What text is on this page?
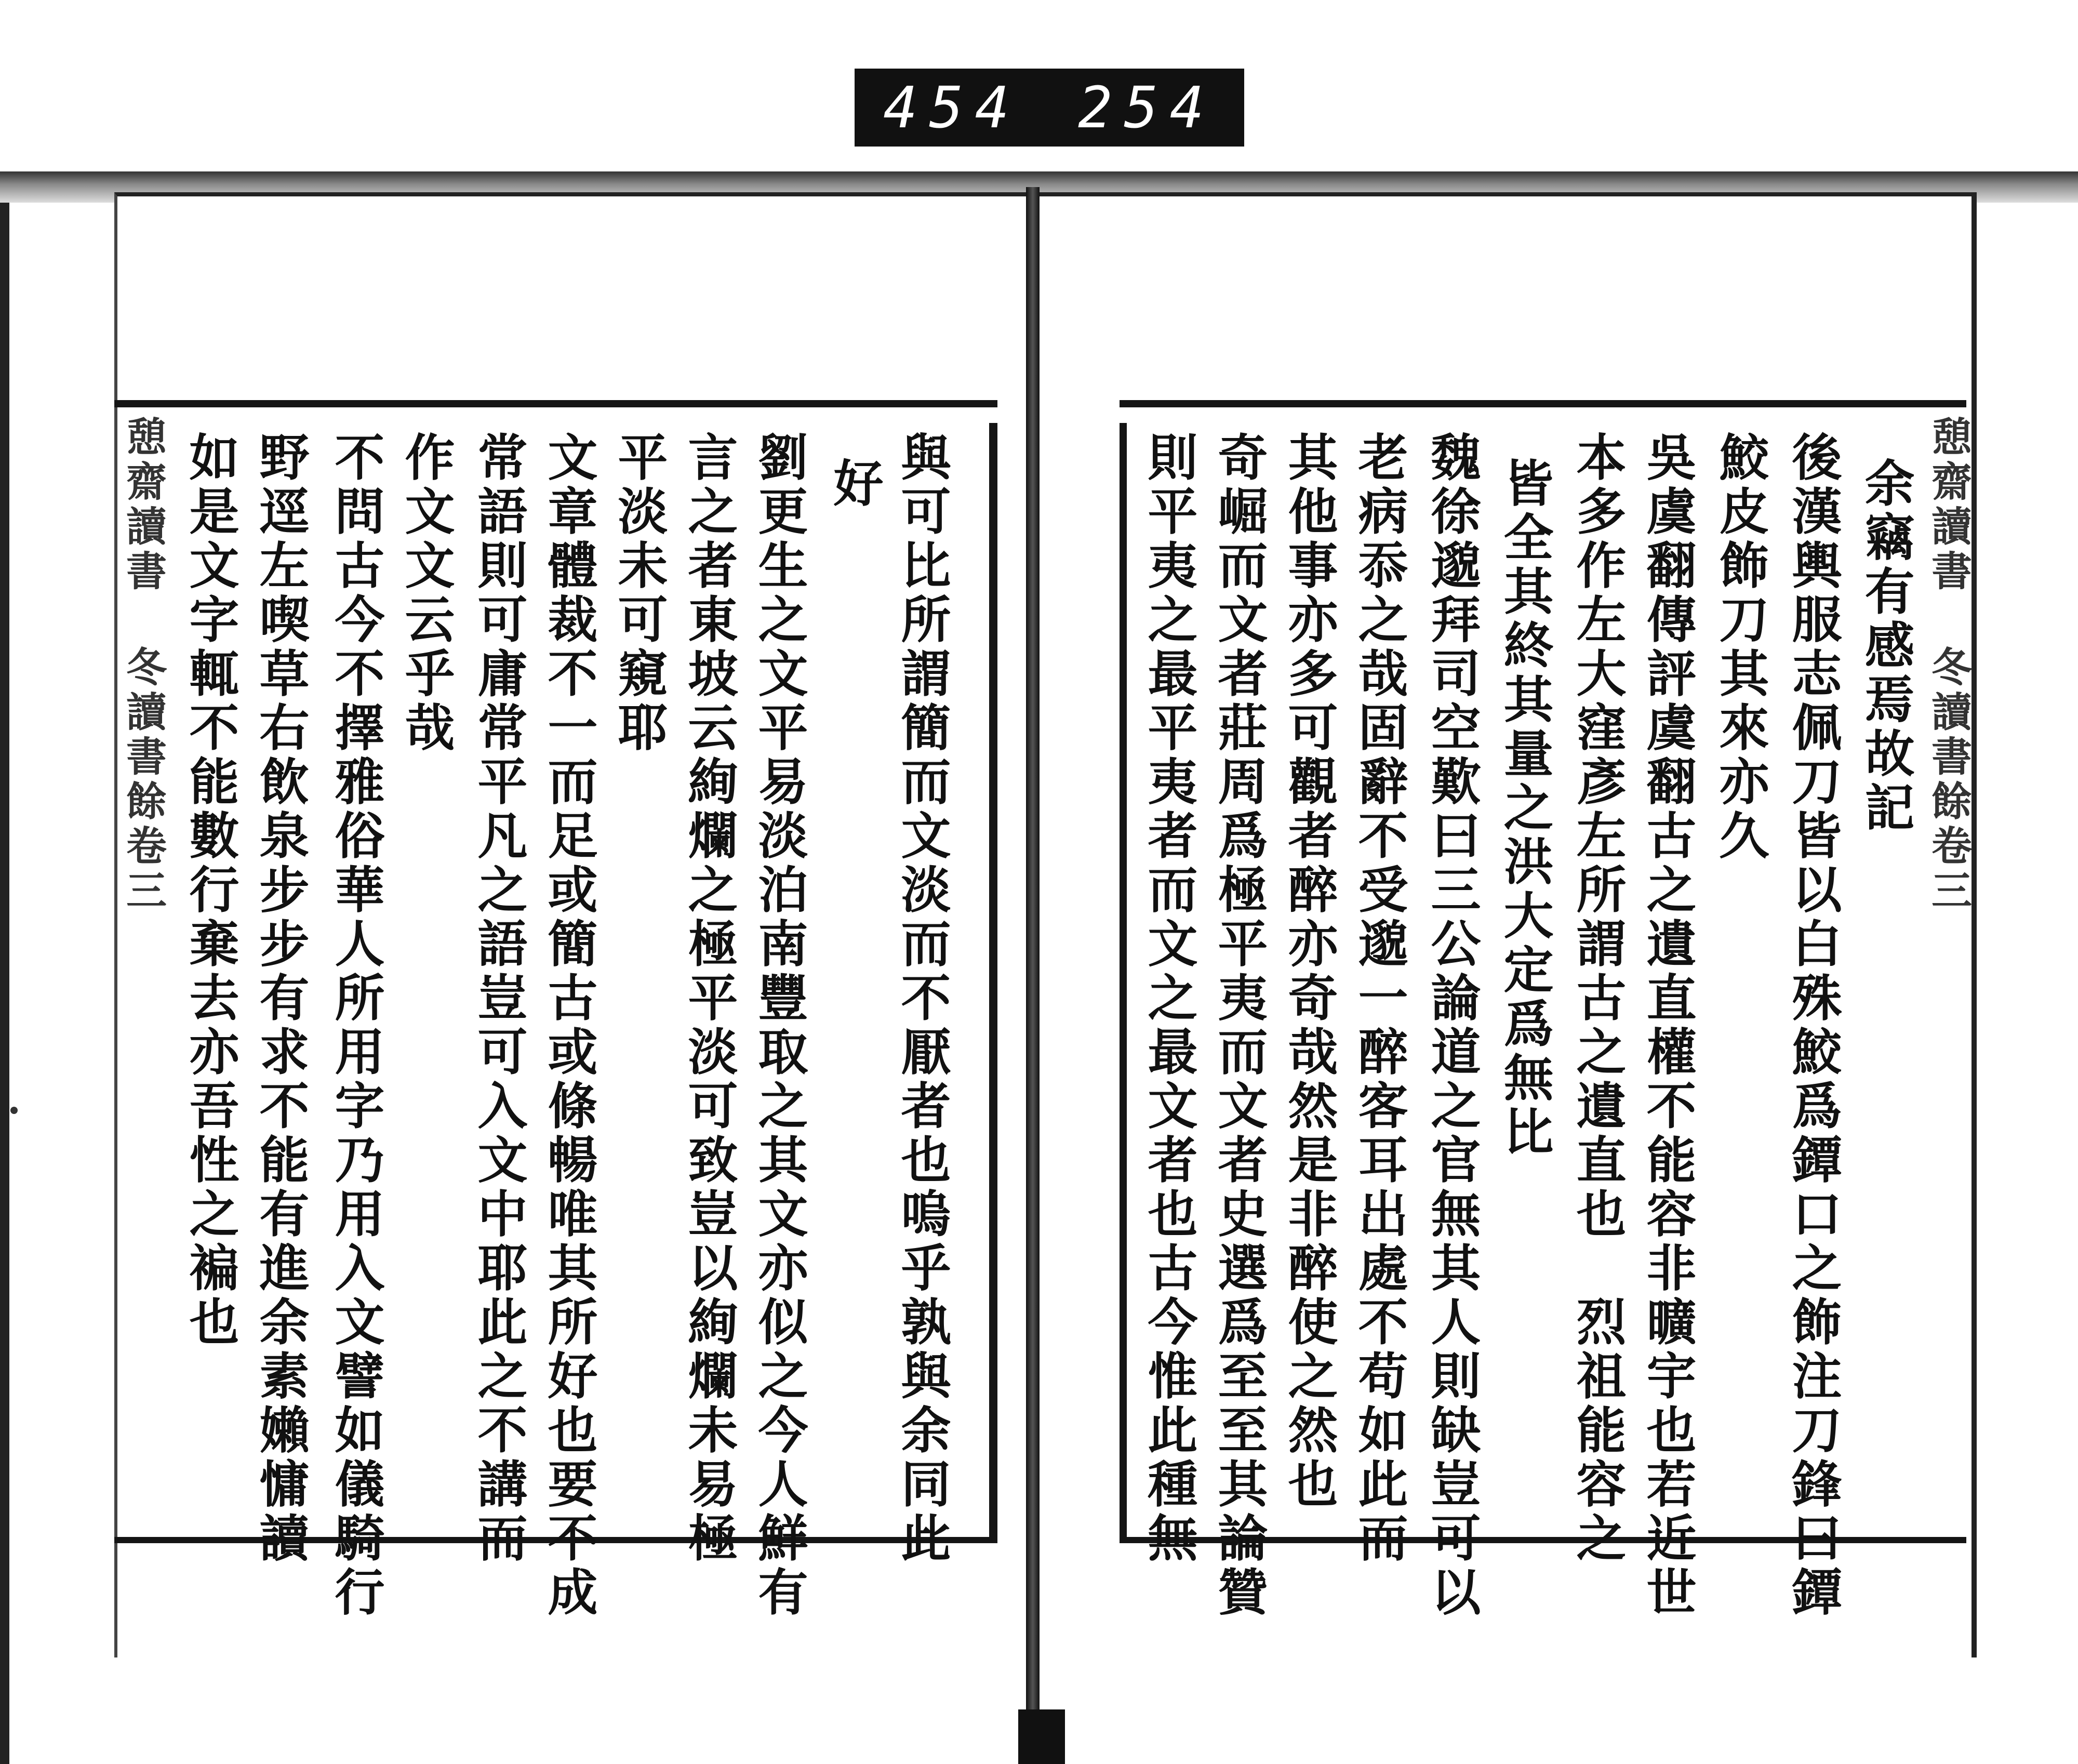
454 254
與可比所謂簡而文淡而不厭者也嗚乎孰與余同此
好
劉更生之文平易淡泊南豐取之其文亦似之今人鮮有
言之者東坡云絢爛之極平淡可致豈以絢爛未易極
平淡未可窺耶
文章體裁不一而足或簡古或條暢唯其所好也要不成
常語則可庸常平凡之語豈可入文中耶此之不講而
作文文云乎哉
不問古今不擇雅俗華人所用字乃用入文譬如儀騎行
野逕左喫草右飲泉步步有求不能有進余素嬾慵讀
如是文字輒不能數行棄去亦吾性之褊也
憩齋讀書 冬讀書餘卷三	余竊有感焉故記
後漢輿服志佩刀皆以白殊鮫爲鐔口之飾注刀鋒曰鐔
鮫皮飾刀其來亦久
吳虞翻傳評虞翻古之遺直權不能容非曠宇也若近世
本多作左大窪彥左所謂古之遺直也　烈祖能容之
皆全其終其量之洪大定爲無比
魏徐邈拜司空歎曰三公論道之官無其人則缺豈可以
老病忝之哉固辭不受邈一醉客耳出處不苟如此而
其他事亦多可觀者醉亦奇哉然是非醉使之然也
奇崛而文者莊周爲極平夷而文者史選爲至至其論贊
則平夷之最平夷者而文之最文者也古今惟此種無	憩齋讀書 冬讀書餘卷三
